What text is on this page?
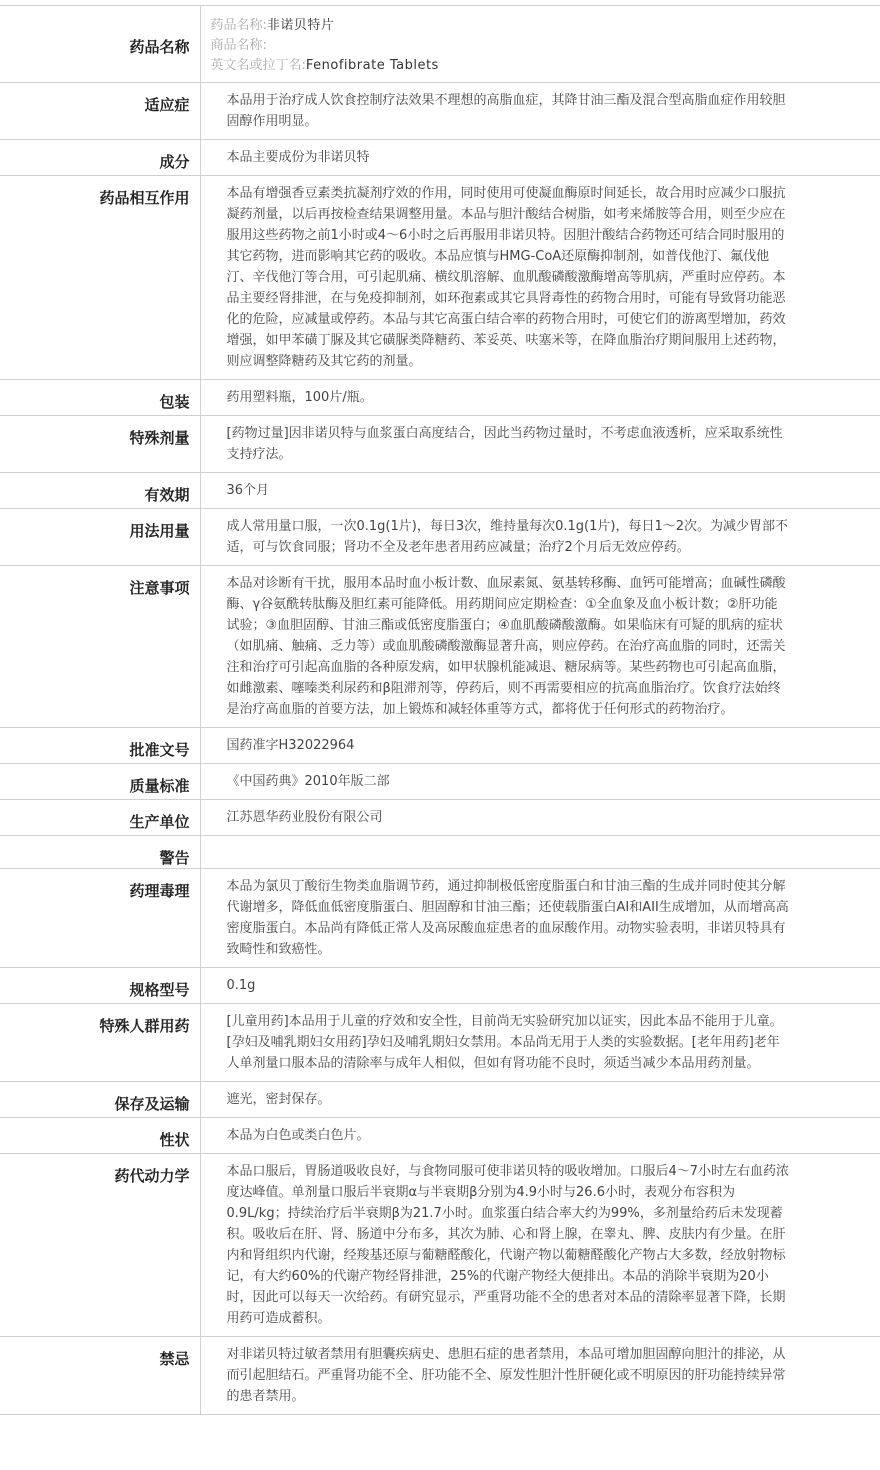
药品名称	药品名称:非诺贝特片
商品名称:
英文名或拉丁名:Fenofibrate Tablets

适应症	本品用于治疗成人饮食控制疗法效果不理想的高脂血症，其降甘油三酯及混合型高脂血症作用较胆固醇作用明显。
成分	本品主要成份为非诺贝特
药品相互作用	本品有增强香豆素类抗凝剂疗效的作用，同时使用可使凝血酶原时间延长，故合用时应减少口服抗凝药剂量，以后再按检查结果调整用量。本品与胆汁酸结合树脂，如考来烯胺等合用，则至少应在服用这些药物之前1小时或4～6小时之后再服用非诺贝特。因胆汁酸结合药物还可结合同时服用的其它药物，进而影响其它药的吸收。本品应慎与HMG-CoA还原酶抑制剂，如普伐他汀、氟伐他汀、辛伐他汀等合用，可引起肌痛、横纹肌溶解、血肌酸磷酸激酶增高等肌病，严重时应停药。本品主要经肾排泄，在与免疫抑制剂，如环孢素或其它具肾毒性的药物合用时，可能有导致肾功能恶化的危险，应减量或停药。本品与其它高蛋白结合率的药物合用时，可使它们的游离型增加，药效增强，如甲苯磺丁脲及其它磺脲类降糖药、苯妥英、呋塞米等，在降血脂治疗期间服用上述药物，则应调整降糖药及其它药的剂量。
包装	药用塑料瓶，100片/瓶。
特殊剂量	[药物过量]因非诺贝特与血浆蛋白高度结合，因此当药物过量时，不考虑血液透析，应采取系统性支持疗法。
有效期	36个月
用法用量	成人常用量口服，一次0.1g(1片)，每日3次，维持量每次0.1g(1片)，每日1～2次。为减少胃部不适，可与饮食同服；肾功不全及老年患者用药应减量；治疗2个月后无效应停药。
注意事项	本品对诊断有干扰，服用本品时血小板计数、血尿素氮、氨基转移酶、血钙可能增高；血碱性磷酸酶、γ谷氨酰转肽酶及胆红素可能降低。用药期间应定期检查：①全血象及血小板计数；②肝功能试验；③血胆固醇、甘油三酯或低密度脂蛋白；④血肌酸磷酸激酶。如果临床有可疑的肌病的症状（如肌痛、触痛、乏力等）或血肌酸磷酸激酶显著升高，则应停药。在治疗高血脂的同时，还需关注和治疗可引起高血脂的各种原发病，如甲状腺机能减退、糖尿病等。某些药物也可引起高血脂，如雌激素、噻嗪类利尿药和β阻滞剂等，停药后，则不再需要相应的抗高血脂治疗。饮食疗法始终是治疗高血脂的首要方法，加上锻炼和减轻体重等方式，都将优于任何形式的药物治疗。
批准文号	国药准字H32022964
质量标准	《中国药典》2010年版二部
生产单位	江苏恩华药业股份有限公司
警告	
药理毒理	本品为氯贝丁酸衍生物类血脂调节药，通过抑制极低密度脂蛋白和甘油三酯的生成并同时使其分解代谢增多，降低血低密度脂蛋白、胆固醇和甘油三酯；还使载脂蛋白AI和AII生成增加，从而增高高密度脂蛋白。本品尚有降低正常人及高尿酸血症患者的血尿酸作用。动物实验表明，非诺贝特具有致畸性和致癌性。
规格型号	0.1g
特殊人群用药	[儿童用药]本品用于儿童的疗效和安全性，目前尚无实验研究加以证实，因此本品不能用于儿童。[孕妇及哺乳期妇女用药]孕妇及哺乳期妇女禁用。本品尚无用于人类的实验数据。[老年用药]老年人单剂量口服本品的清除率与成年人相似，但如有肾功能不良时，须适当减少本品用药剂量。
保存及运输	遮光，密封保存。
性状	本品为白色或类白色片。
药代动力学	本品口服后，胃肠道吸收良好，与食物同服可使非诺贝特的吸收增加。口服后4～7小时左右血药浓度达峰值。单剂量口服后半衰期α与半衰期β分别为4.9小时与26.6小时，表观分布容积为0.9L/kg；持续治疗后半衰期β为21.7小时。血浆蛋白结合率大约为99%，多剂量给药后未发现蓄积。吸收后在肝、肾、肠道中分布多，其次为肺、心和肾上腺，在睾丸、脾、皮肤内有少量。在肝内和肾组织内代谢，经羧基还原与葡糖醛酸化，代谢产物以葡糖醛酸化产物占大多数，经放射物标记，有大约60%的代谢产物经肾排泄，25%的代谢产物经大便排出。本品的消除半衰期为20小时，因此可以每天一次给药。有研究显示，严重肾功能不全的患者对本品的清除率显著下降，长期用药可造成蓄积。
禁忌	对非诺贝特过敏者禁用有胆囊疾病史、患胆石症的患者禁用，本品可增加胆固醇向胆汁的排泌，从而引起胆结石。严重肾功能不全、肝功能不全、原发性胆汁性肝硬化或不明原因的肝功能持续异常的患者禁用。
